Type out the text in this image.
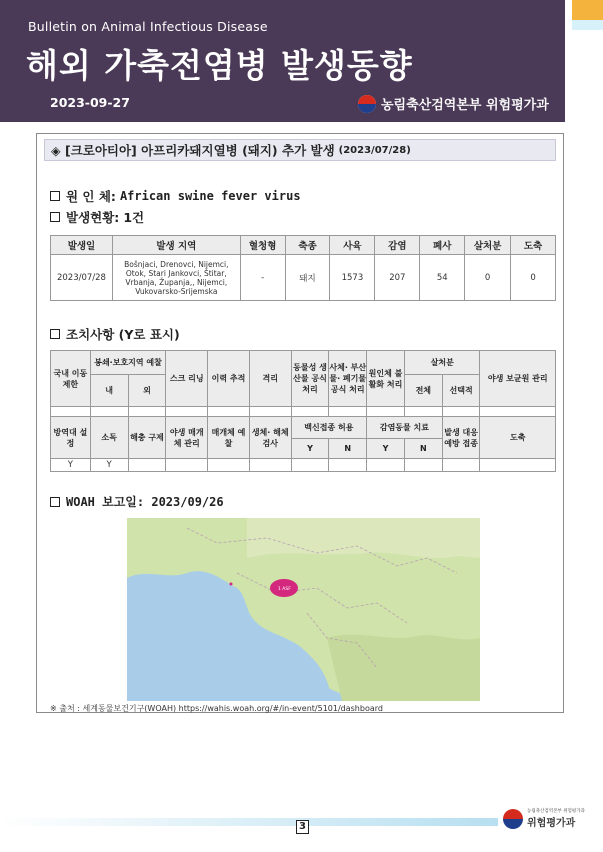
Bulletin on Animal Infectious Disease
해외 가축전염병 발생동향
2023-09-27	농림축산검역본부 위험평가과
◈ [크로아티아] 아프리카돼지열병 (돼지) 추가 발생 (2023/07/28)
원 인 체: African swine fever virus
발생현황: 1건
발생일	발생 지역	혈청형	축종	사육	감염	폐사	살처분	도축
2023/07/28	Bošnjaci, Drenovci, Nijemci, Otok, Stari Jankovci, Štitar, Vrbanja, Županja,, Nijemci, Vukovarsko-Srijemska	-	돼지	1573	207	54	0	0
조치사항 (Y로 표시)
국내 이동 제한	봉쇄·보호지역 예찰		스크 리닝	이력 추적	격리	동물성 생산물 공식 처리	사체· 부산물· 폐기물 공식 처리	원인체 불활화 처리	살처분		야생 보균원 관리
	내	외							전체	선택적	

방역대 설정	소독	해충 구제	야생 매개체 관리	매개체 예찰	생체· 해체 검사	백신접종 허용		감염동물 치료		발생 대응 예방 접종	도축
						Y	N	Y	N		
Y	Y										
WOAH 보고일: 2023/09/26
1 ASF
※ 출처 : 세계동물보건기구(WOAH) https://wahis.woah.org/#/in-event/5101/dashboard
3
농림축산검역본부 위험평가과
위험평가과
